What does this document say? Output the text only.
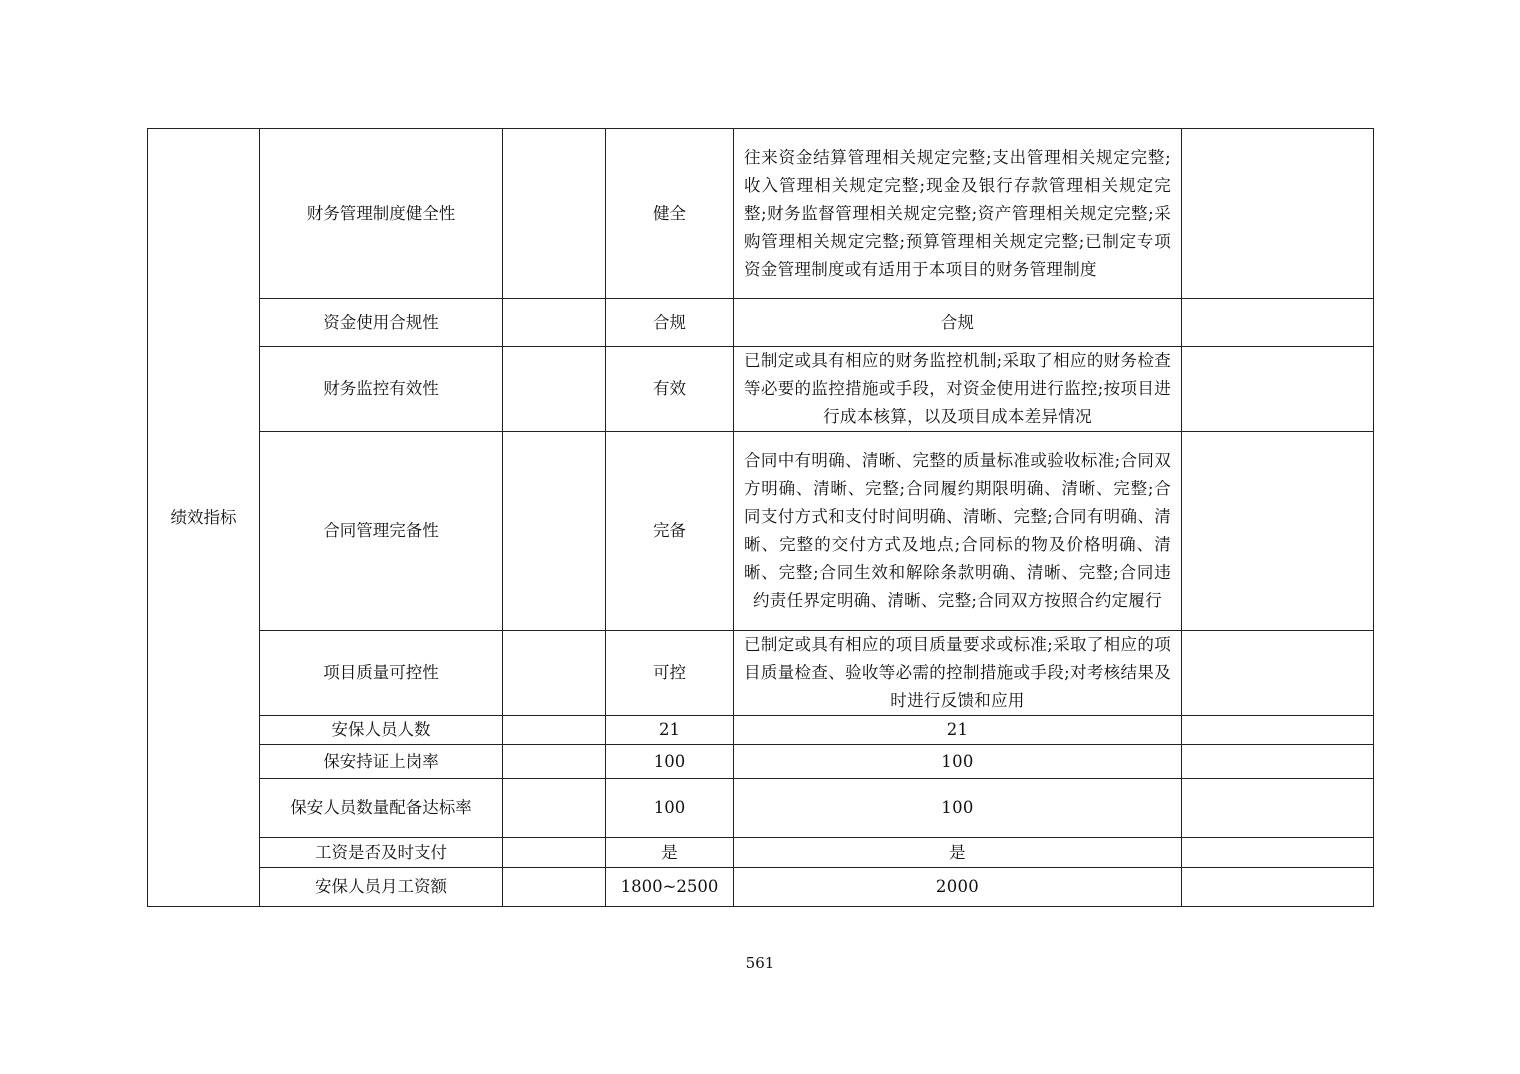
绩效指标	财务管理制度健全性		健全	往来资金结算管理相关规定完整;支出管理相关规定完整;收入管理相关规定完整;现金及银行存款管理相关规定完整;财务监督管理相关规定完整;资产管理相关规定完整;采购管理相关规定完整;预算管理相关规定完整;已制定专项资金管理制度或有适用于本项目的财务管理制度	
	资金使用合规性		合规	合规	
	财务监控有效性		有效	已制定或具有相应的财务监控机制;采取了相应的财务检查等必要的监控措施或手段，对资金使用进行监控;按项目进行成本核算，以及项目成本差异情况	
	合同管理完备性		完备	合同中有明确、清晰、完整的质量标准或验收标准;合同双方明确、清晰、完整;合同履约期限明确、清晰、完整;合同支付方式和支付时间明确、清晰、完整;合同有明确、清晰、完整的交付方式及地点;合同标的物及价格明确、清晰、完整;合同生效和解除条款明确、清晰、完整;合同违约责任界定明确、清晰、完整;合同双方按照合约定履行	
	项目质量可控性		可控	已制定或具有相应的项目质量要求或标准;采取了相应的项目质量检查、验收等必需的控制措施或手段;对考核结果及时进行反馈和应用	
	安保人员人数		21	21	
	保安持证上岗率		100	100	
	保安人员数量配备达标率		100	100	
	工资是否及时支付		是	是	
	安保人员月工资额		1800~2500	2000	
561
